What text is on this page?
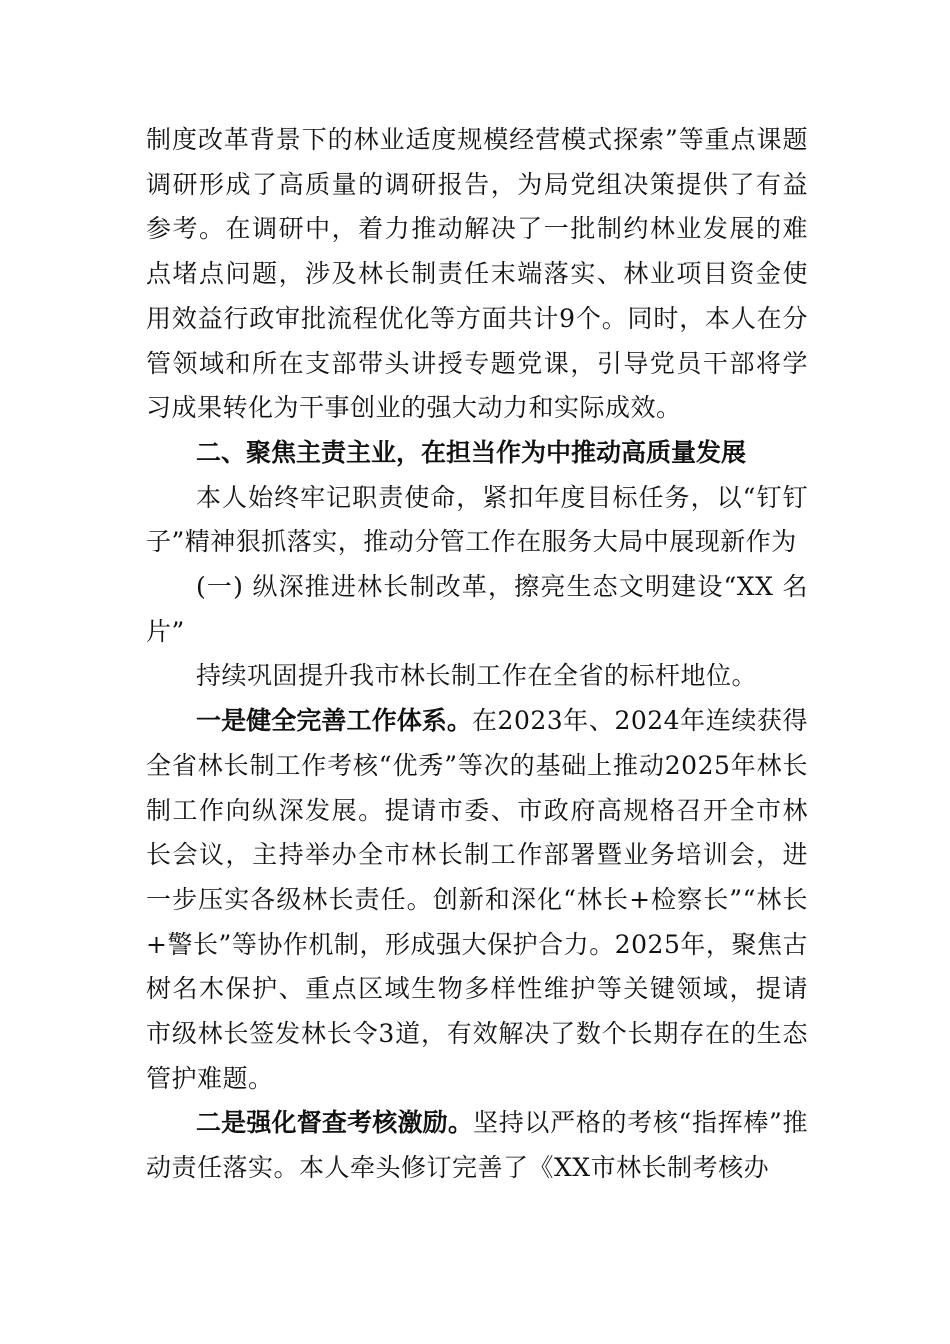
制度改革背景下的林业适度规模经营模式探索”等重点课题调研形成了高质量的调研报告，为局党组决策提供了有益参考。在调研中，着力推动解决了一批制约林业发展的难点堵点问题，涉及林长制责任末端落实、林业项目资金使用效益行政审批流程优化等方面共计9个。同时，本人在分管领域和所在支部带头讲授专题党课，引导党员干部将学习成果转化为干事创业的强大动力和实际成效。

二、聚焦主责主业，在担当作为中推动高质量发展

本人始终牢记职责使命，紧扣年度目标任务，以“钉钉子”精神狠抓落实，推动分管工作在服务大局中展现新作为

(一) 纵深推进林长制改革，擦亮生态文明建设“XX 名片”

持续巩固提升我市林长制工作在全省的标杆地位。

一是健全完善工作体系。在2023年、2024年连续获得全省林长制工作考核“优秀”等次的基础上推动2025年林长制工作向纵深发展。提请市委、市政府高规格召开全市林长会议，主持举办全市林长制工作部署暨业务培训会，进一步压实各级林长责任。创新和深化“林长+检察长”“林长+警长”等协作机制，形成强大保护合力。2025年，聚焦古树名木保护、重点区域生物多样性维护等关键领域，提请市级林长签发林长令3道，有效解决了数个长期存在的生态管护难题。

二是强化督查考核激励。坚持以严格的考核“指挥棒”推动责任落实。本人牵头修订完善了《XX市林长制考核办
